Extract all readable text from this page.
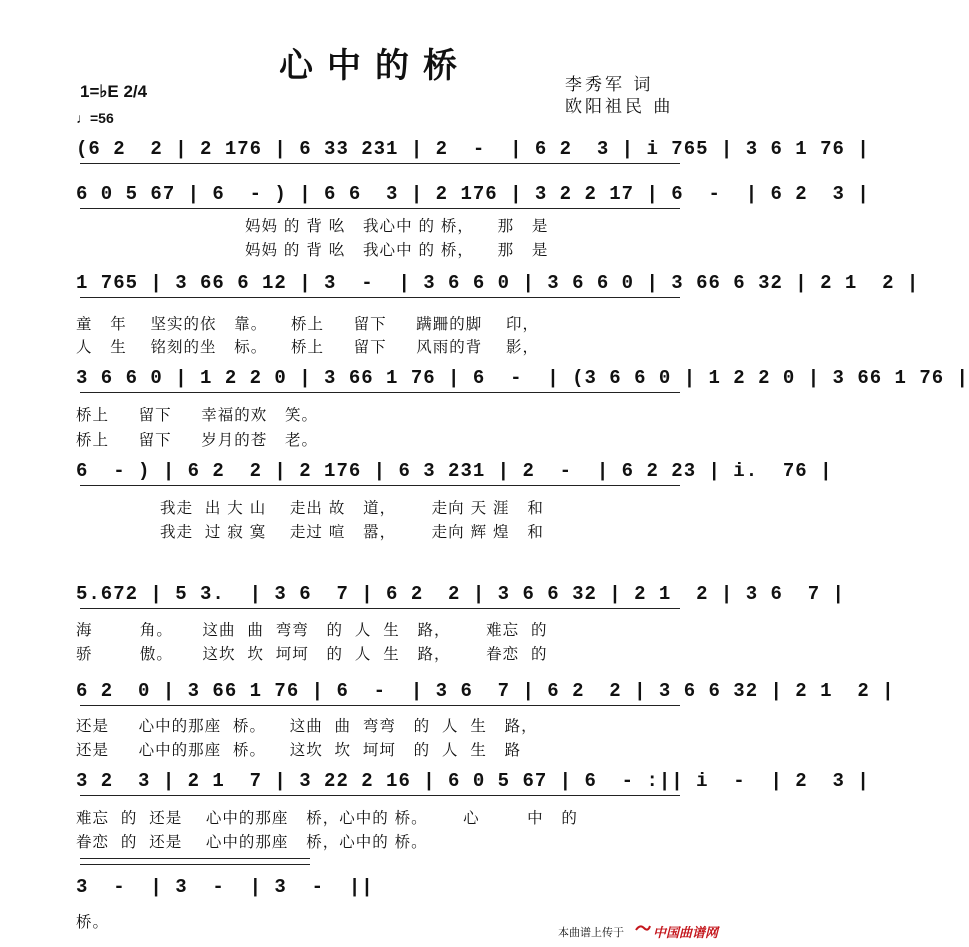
心中的桥	李秀军 词
欧阳祖民 曲
1=♭E 2/4
♩=56
(6 2  2 | 2 176 | 6 33 231 | 2  -  | 6 2  3 | i 765 | 3 6 1 76 |
6 0 5 67 | 6  - ) | 6 6  3 | 2 176 | 3 2 2 17 | 6  -  | 6 2  3 |
妈妈 的 背 吆   我心中 的 桥，    那   是
妈妈 的 背 吆   我心中 的 桥，    那   是
1 765 | 3 66 6 12 | 3  -  | 3 6 6 0 | 3 6 6 0 | 3 66 6 32 | 2 1  2 |
童   年    坚实的依   靠。    桥上     留下     蹒跚的脚    印，
人   生    铭刻的坐   标。    桥上     留下     风雨的背    影，
3 6 6 0 | 1 2 2 0 | 3 66 1 76 | 6  -  | (3 6 6 0 | 1 2 2 0 | 3 66 1 76 |
桥上     留下     幸福的欢   笑。
桥上     留下     岁月的苍   老。
6  - ) | 6 2  2 | 2 176 | 6 3 231 | 2  -  | 6 2 23 | i.  76 |
我走  出 大 山    走出 故   道，      走向 天 涯   和
我走  过 寂 寞    走过 喧   嚣，      走向 辉 煌   和
5.672 | 5 3.  | 3 6  7 | 6 2  2 | 3 6 6 32 | 2 1  2 | 3 6  7 |
海        角。     这曲  曲  弯弯   的  人  生   路，      难忘  的
骄        傲。     这坎  坎  坷坷   的  人  生   路，      眷恋  的
6 2  0 | 3 66 1 76 | 6  -  | 3 6  7 | 6 2  2 | 3 6 6 32 | 2 1  2 |
还是     心中的那座  桥。    这曲  曲  弯弯   的  人  生   路，
还是     心中的那座  桥。    这坎  坎  坷坷   的  人  生   路
3 2  3 | 2 1  7 | 3 22 2 16 | 6 0 5 67 | 6  - :|| i  -  | 2  3 |
难忘  的  还是    心中的那座   桥，心中的 桥。      心        中   的
眷恋  的  还是    心中的那座   桥，心中的 桥。
3  -  | 3  -  | 3  -  ||
桥。
本曲谱上传于 中国曲谱网
